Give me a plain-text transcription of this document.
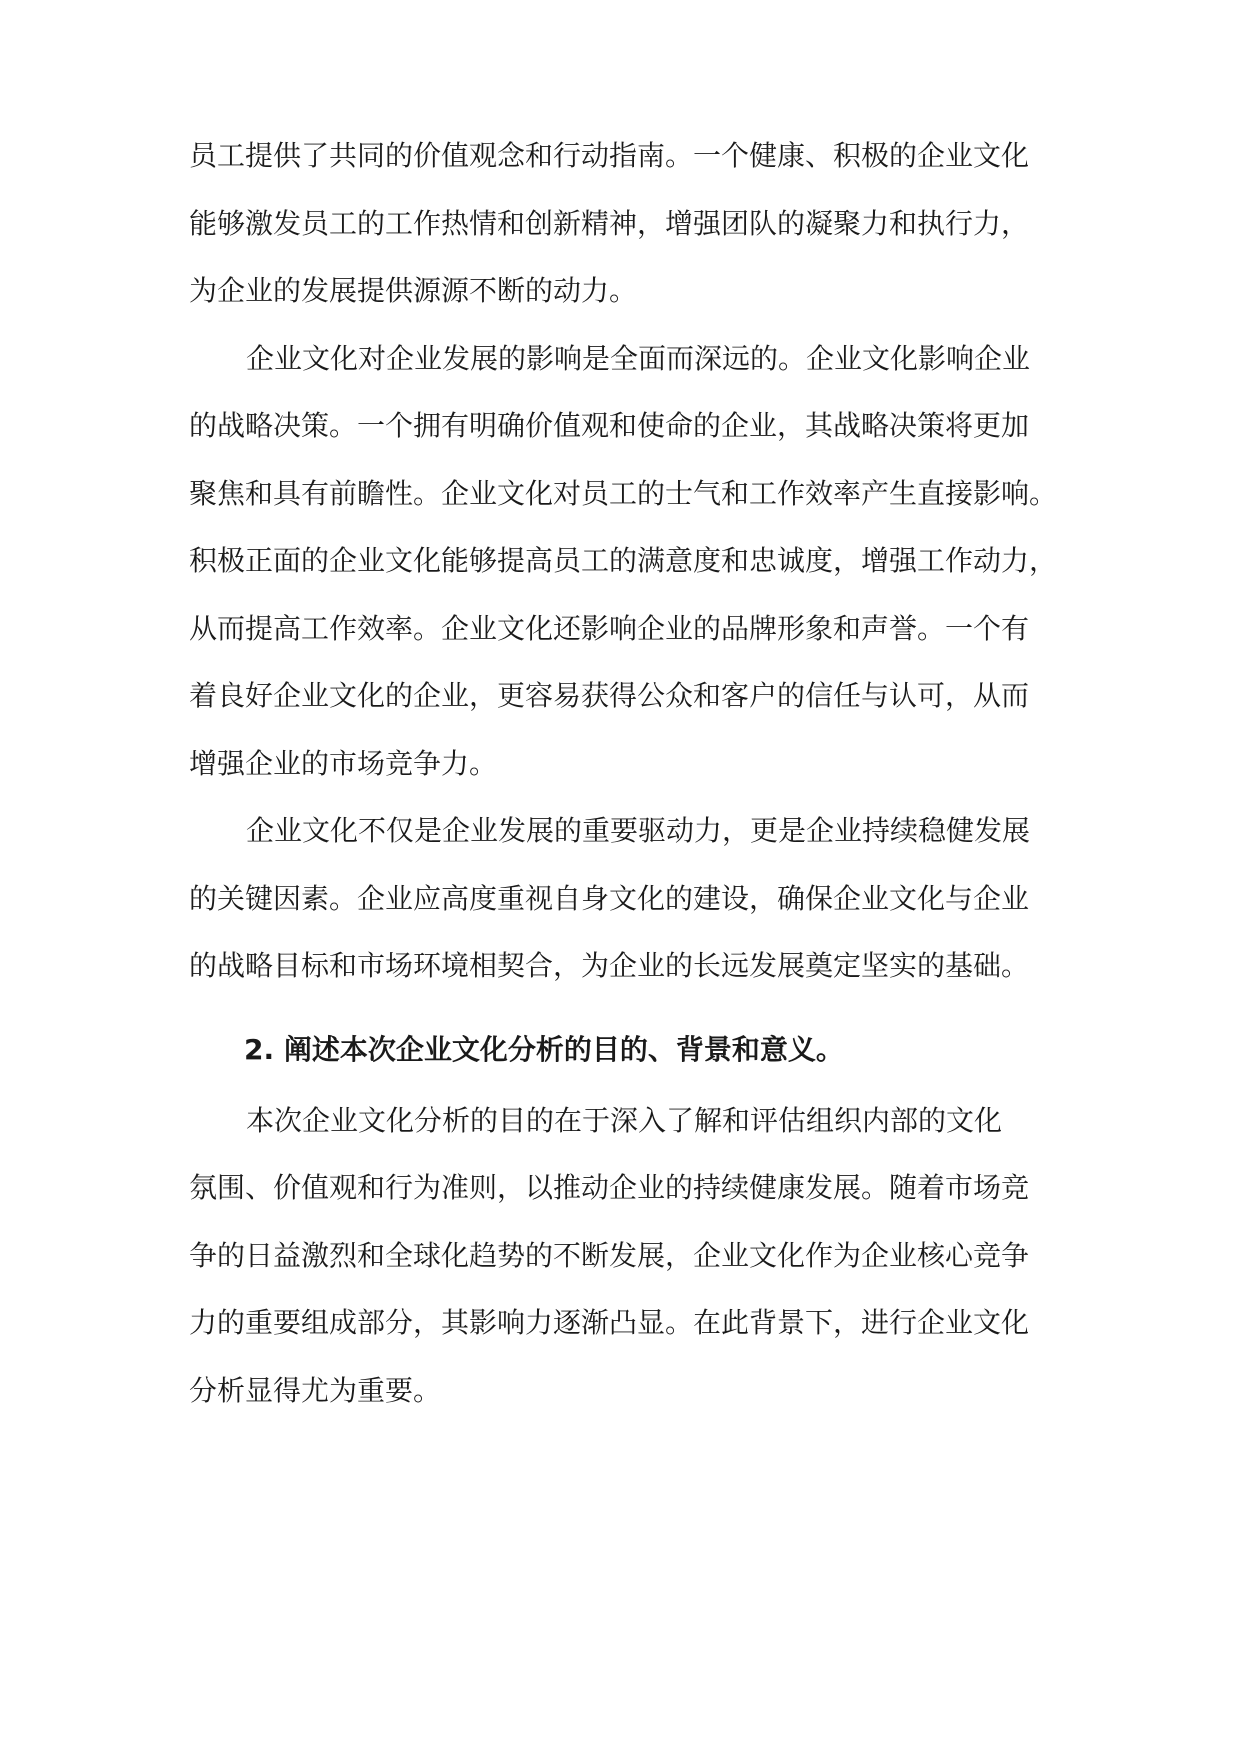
员工提供了共同的价值观念和行动指南。一个健康、积极的企业文化

能够激发员工的工作热情和创新精神，增强团队的凝聚力和执行力，

为企业的发展提供源源不断的动力。

企业文化对企业发展的影响是全面而深远的。企业文化影响企业

的战略决策。一个拥有明确价值观和使命的企业，其战略决策将更加

聚焦和具有前瞻性。企业文化对员工的士气和工作效率产生直接影响。

积极正面的企业文化能够提高员工的满意度和忠诚度，增强工作动力，

从而提高工作效率。企业文化还影响企业的品牌形象和声誉。一个有

着良好企业文化的企业，更容易获得公众和客户的信任与认可，从而

增强企业的市场竞争力。

企业文化不仅是企业发展的重要驱动力，更是企业持续稳健发展

的关键因素。企业应高度重视自身文化的建设，确保企业文化与企业

的战略目标和市场环境相契合，为企业的长远发展奠定坚实的基础。

2. 阐述本次企业文化分析的目的、背景和意义。

本次企业文化分析的目的在于深入了解和评估组织内部的文化

氛围、价值观和行为准则，以推动企业的持续健康发展。随着市场竞

争的日益激烈和全球化趋势的不断发展，企业文化作为企业核心竞争

力的重要组成部分，其影响力逐渐凸显。在此背景下，进行企业文化

分析显得尤为重要。
